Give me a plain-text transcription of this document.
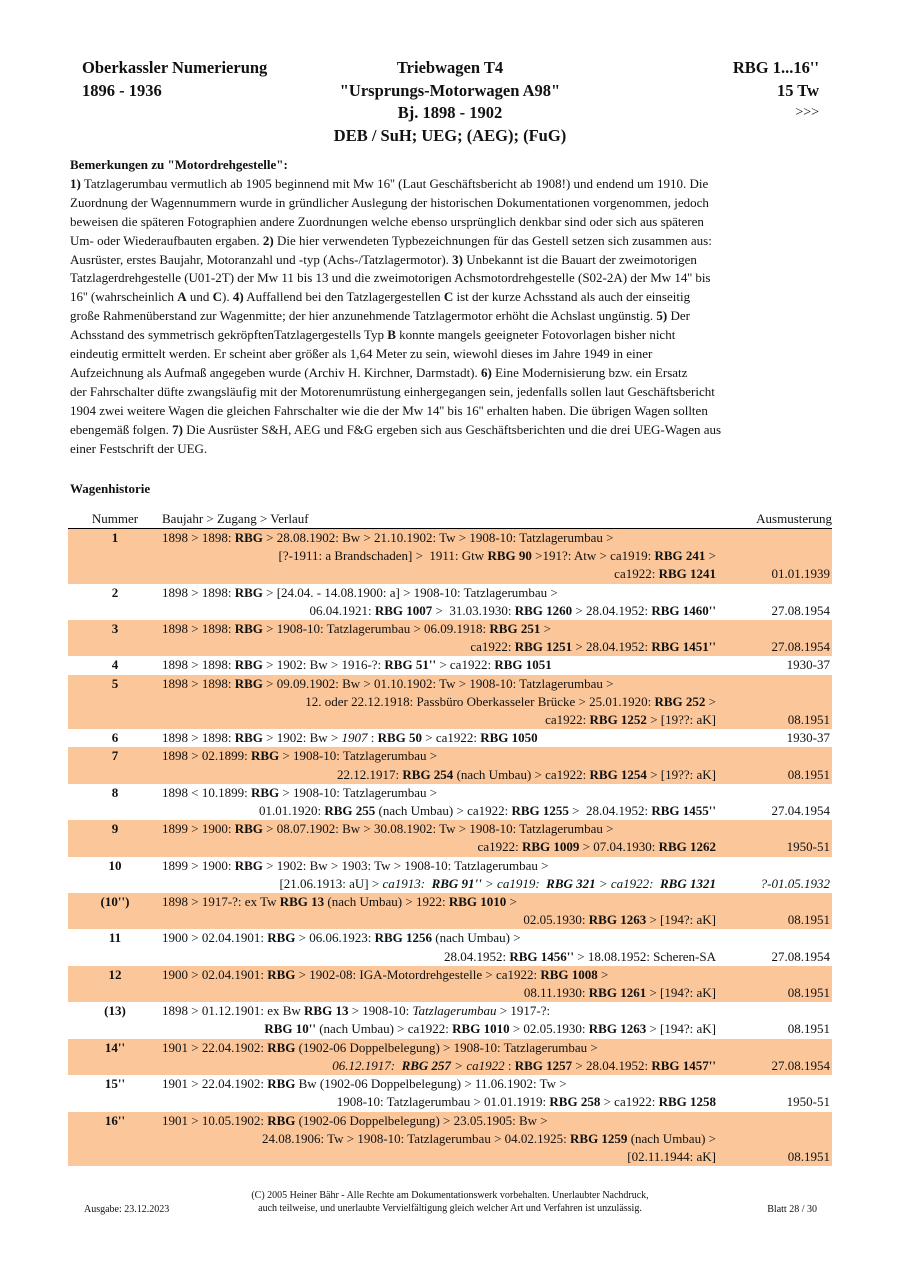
Oberkassler Numerierung
1896 - 1936
Triebwagen T4
"Ursprungs-Motorwagen A98"
Bj. 1898 - 1902
DEB / SuH; UEG; (AEG); (FuG)
RBG 1...16''
15 Tw
>>>
Bemerkungen zu "Motordrehgestelle":

1) Tatzlagerumbau vermutlich ab 1905 beginnend mit Mw 16'' (Laut Geschäftsbericht ab 1908!) und endend um 1910. Die

Zuordnung der Wagennummern wurde in gründlicher Auslegung der historischen Dokumentationen vorgenommen, jedoch

beweisen die späteren Fotographien andere Zuordnungen welche ebenso ursprünglich denkbar sind oder sich aus späteren

Um- oder Wiederaufbauten ergaben. 2) Die hier verwendeten Typbezeichnungen für das Gestell setzen sich zusammen aus:

Ausrüster, erstes Baujahr, Motoranzahl und -typ (Achs-/Tatzlagermotor). 3) Unbekannt ist die Bauart der zweimotorigen

Tatzlagerdrehgestelle (U01-2T) der Mw 11 bis 13 und die zweimotorigen Achsmotordrehgestelle (S02-2A) der Mw 14'' bis

16'' (wahrscheinlich A und C). 4) Auffallend bei den Tatzlagergestellen C ist der kurze Achsstand als auch der einseitig

große Rahmenüberstand zur Wagenmitte; der hier anzunehmende Tatzlagermotor erhöht die Achslast ungünstig. 5) Der

Achsstand des symmetrisch gekröpftenTatzlagergestells Typ B konnte mangels geeigneter Fotovorlagen bisher nicht

eindeutig ermittelt werden. Er scheint aber größer als 1,64 Meter zu sein, wiewohl dieses im Jahre 1949 in einer

Aufzeichnung als Aufmaß angegeben wurde (Archiv H. Kirchner, Darmstadt). 6) Eine Modernisierung bzw. ein Ersatz

der Fahrschalter düfte zwangsläufig mit der Motorenumrüstung einhergegangen sein, jedenfalls sollen laut Geschäftsbericht

1904 zwei weitere Wagen die gleichen Fahrschalter wie die der Mw 14'' bis 16'' erhalten haben. Die übrigen Wagen sollten

ebengemäß folgen. 7) Die Ausrüster S&H, AEG und F&G ergeben sich aus Geschäftsberichten und die drei UEG-Wagen aus

einer Festschrift der UEG.

Wagenhistorie
Nummer	Baujahr > Zugang > Verlauf	Ausmusterung
1	1898 > 1898: RBG > 28.08.1902: Bw > 21.10.1902: Tw > 1908-10: Tatzlagerumbau >
[?-1911: a Brandschaden] >  1911: Gtw RBG 90 >191?: Atw > ca1919: RBG 241 >
ca1922: RBG 1241	01.01.1939
2	1898 > 1898: RBG > [24.04. - 14.08.1900: a] > 1908-10: Tatzlagerumbau >
06.04.1921: RBG 1007 >  31.03.1930: RBG 1260 > 28.04.1952: RBG 1460''	27.08.1954
3	1898 > 1898: RBG > 1908-10: Tatzlagerumbau > 06.09.1918: RBG 251 >
ca1922: RBG 1251 > 28.04.1952: RBG 1451''	27.08.1954
4	1898 > 1898: RBG > 1902: Bw > 1916-?: RBG 51'' > ca1922: RBG 1051	1930-37
5	1898 > 1898: RBG > 09.09.1902: Bw > 01.10.1902: Tw > 1908-10: Tatzlagerumbau >
12. oder 22.12.1918: Passbüro Oberkasseler Brücke > 25.01.1920: RBG 252 >
ca1922: RBG 1252 > [19??: aK]	08.1951
6	1898 > 1898: RBG > 1902: Bw > 1907 : RBG 50 > ca1922: RBG 1050	1930-37
7	1898 > 02.1899: RBG > 1908-10: Tatzlagerumbau >
22.12.1917: RBG 254 (nach Umbau) > ca1922: RBG 1254 > [19??: aK]	08.1951
8	1898 < 10.1899: RBG > 1908-10: Tatzlagerumbau >
01.01.1920: RBG 255 (nach Umbau) > ca1922: RBG 1255 >  28.04.1952: RBG 1455''	27.04.1954
9	1899 > 1900: RBG > 08.07.1902: Bw > 30.08.1902: Tw > 1908-10: Tatzlagerumbau >
ca1922: RBG 1009 > 07.04.1930: RBG 1262	1950-51
10	1899 > 1900: RBG > 1902: Bw > 1903: Tw > 1908-10: Tatzlagerumbau >
[21.06.1913: aU] > ca1913:  RBG 91'' > ca1919:  RBG 321 > ca1922:  RBG 1321	?-01.05.1932
(10'')	1898 > 1917-?: ex Tw RBG 13 (nach Umbau) > 1922: RBG 1010 >
02.05.1930: RBG 1263 > [194?: aK]	08.1951
11	1900 > 02.04.1901: RBG > 06.06.1923: RBG 1256 (nach Umbau) >
28.04.1952: RBG 1456'' > 18.08.1952: Scheren-SA	27.08.1954
12	1900 > 02.04.1901: RBG > 1902-08: IGA-Motordrehgestelle > ca1922: RBG 1008 >
08.11.1930: RBG 1261 > [194?: aK]	08.1951
(13)	1898 > 01.12.1901: ex Bw RBG 13 > 1908-10: Tatzlagerumbau > 1917-?:
RBG 10'' (nach Umbau) > ca1922: RBG 1010 > 02.05.1930: RBG 1263 > [194?: aK]	08.1951
14''	1901 > 22.04.1902: RBG (1902-06 Doppelbelegung) > 1908-10: Tatzlagerumbau >
06.12.1917:  RBG 257 > ca1922 : RBG 1257 > 28.04.1952: RBG 1457''	27.08.1954
15''	1901 > 22.04.1902: RBG Bw (1902-06 Doppelbelegung) > 11.06.1902: Tw >
1908-10: Tatzlagerumbau > 01.01.1919: RBG 258 > ca1922: RBG 1258	1950-51
16''	1901 > 10.05.1902: RBG (1902-06 Doppelbelegung) > 23.05.1905: Bw >
24.08.1906: Tw > 1908-10: Tatzlagerumbau > 04.02.1925: RBG 1259 (nach Umbau) >
[02.11.1944: aK]	08.1951
Ausgabe: 23.12.2023
(C) 2005 Heiner Bähr - Alle Rechte am Dokumentationswerk vorbehalten. Unerlaubter Nachdruck,
auch teilweise, und unerlaubte Vervielfältigung gleich welcher Art und Verfahren ist unzulässig.	Blatt 28 / 30
